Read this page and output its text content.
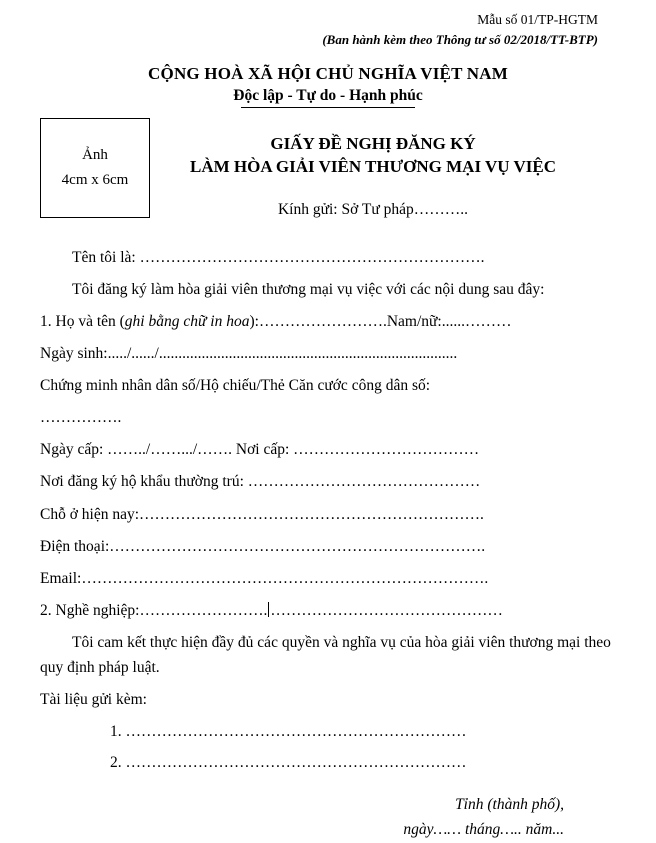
Mẫu số 01/TP-HGTM
(Ban hành kèm theo Thông tư số 02/2018/TT-BTP)
CỘNG HOÀ XÃ HỘI CHỦ NGHĨA VIỆT NAM
Độc lập - Tự do - Hạnh phúc
Ảnh
4cm x 6cm
GIẤY ĐỀ NGHỊ ĐĂNG KÝ
LÀM HÒA GIẢI VIÊN THƯƠNG MẠI VỤ VIỆC
Kính gửi: Sở Tư pháp………..

Tên tôi là: ………………………………………………………….

Tôi đăng ký làm hòa giải viên thương mại vụ việc với các nội dung sau đây:

1. Họ và tên (ghi bằng chữ in hoa):…………………….Nam/nữ:......………

Ngày sinh:...../....../.............................................................................

Chứng minh nhân dân số/Hộ chiếu/Thẻ Căn cước công dân số:

…………….

Ngày cấp: ……../…….../……. Nơi cấp: ………………………………

Nơi đăng ký hộ khẩu thường trú: ………………………………………

Chỗ ở hiện nay:………………………………………………………….

Điện thoại:……………………………………………………………….

Email:…………………………………………………………………….

2. Nghề nghiệp:……………………. ………………………………………

Tôi cam kết thực hiện đầy đủ các quyền và nghĩa vụ của hòa giải viên thương mại theo quy định pháp luật.

Tài liệu gửi kèm:

1. …………………………………………………………

2. …………………………………………………………

Tỉnh (thành phố),
ngày…… tháng….. năm...
